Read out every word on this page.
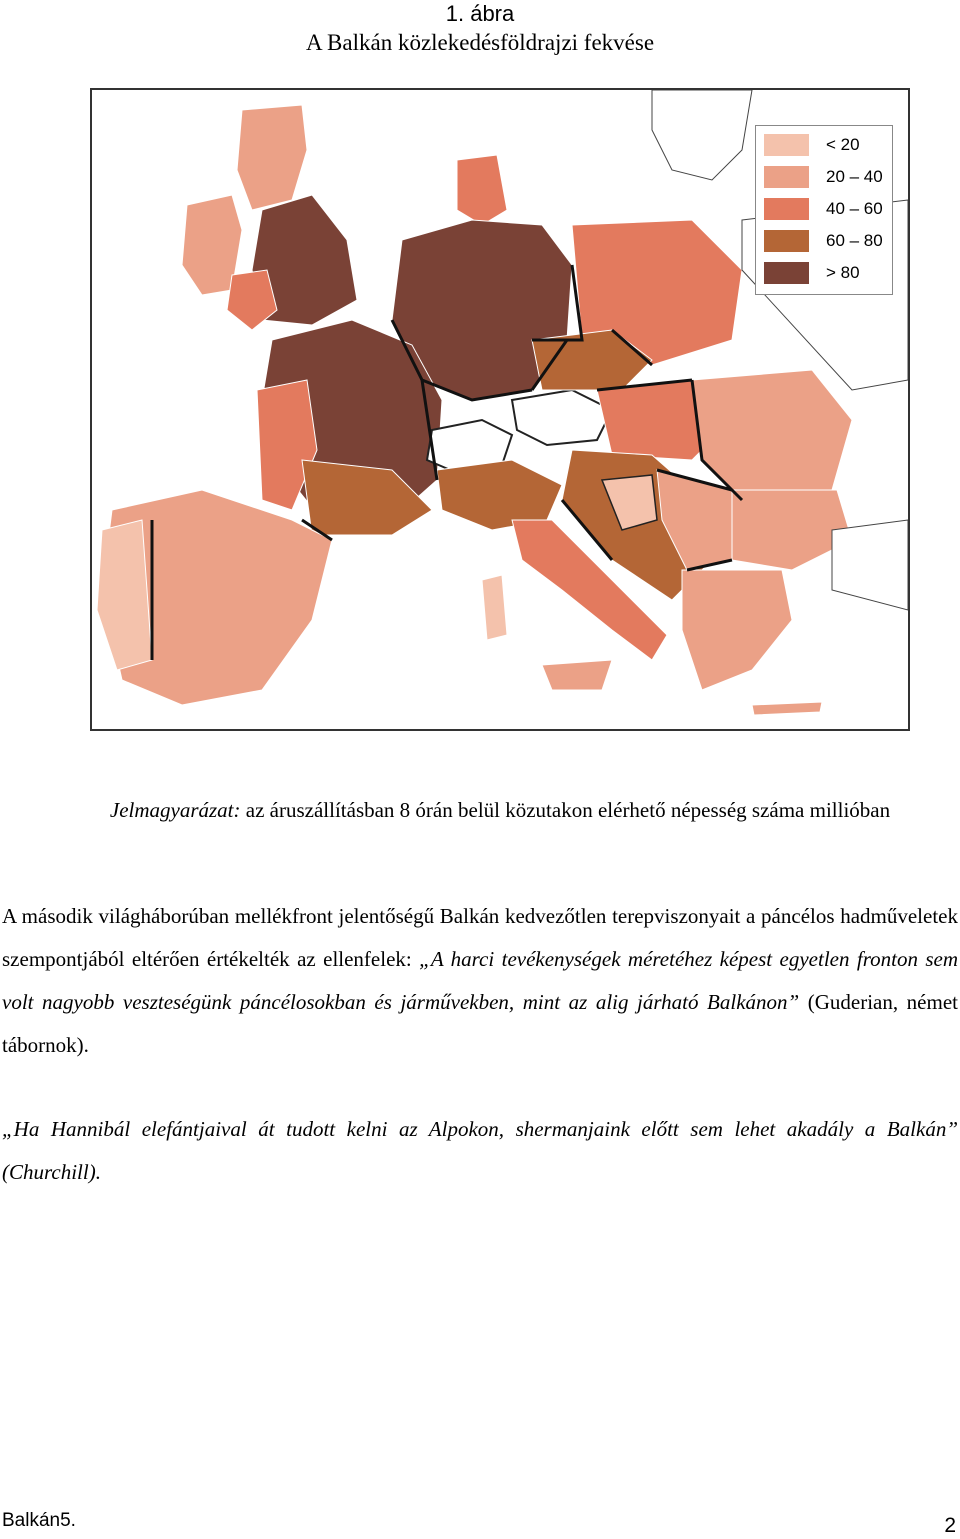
1. ábra
A Balkán közlekedésföldrajzi fekvése
< 20
20 – 40
40 – 60
60 – 80
> 80
Jelmagyarázat: az áruszállításban 8 órán belül közutakon elérhető népesség száma millióban
A második világháborúban mellékfront jelentőségű Balkán kedvezőtlen terepviszonyait a páncélos hadműveletek szempontjából eltérően értékelték az ellenfelek: „A harci tevékenységek méretéhez képest egyetlen fronton sem volt nagyobb veszteségünk páncélosokban és járművekben, mint az alig járható Balkánon” (Guderian, német tábornok).
„Ha Hannibál elefántjaival át tudott kelni az Alpokon, shermanjaink előtt sem lehet akadály a Balkán” (Churchill).
Balkán5.	2
